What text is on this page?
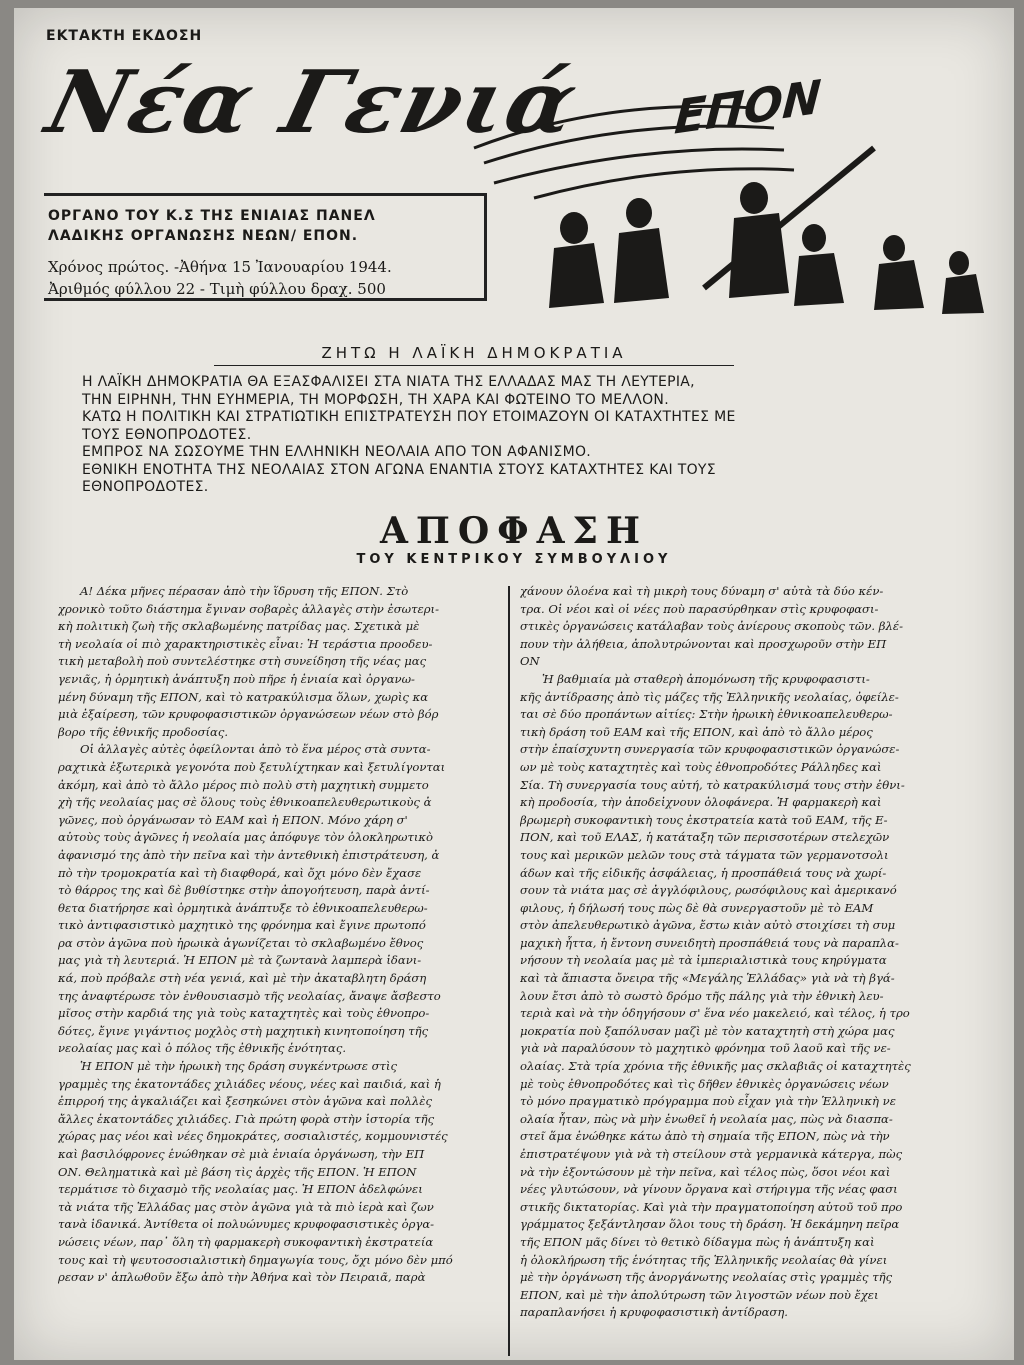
ΕΚΤΑΚΤΗ ΕΚΔΟΣΗ
Νέα Γενιά ΕΠΟΝ
ΟΡΓΑΝΟ ΤΟΥ Κ.Σ ΤΗΣ ΕΝΙΑΙΑΣ ΠΑΝΕΛ
ΛΑΔΙΚΗΣ ΟΡΓΑΝΩΣΗΣ ΝΕΩΝ/ ΕΠΟΝ.
Χρόνος πρώτος. -Ἀθήνα 15 Ἰανουαρίου 1944.
Ἀριθμός φύλλου 22 - Τιμὴ φύλλου δραχ. 500
ΖΗΤΩ Η ΛΑΪΚΗ ΔΗΜΟΚΡΑΤΙΑ
Η ΛΑΪΚΗ ΔΗΜΟΚΡΑΤΙΑ ΘΑ ΕΞΑΣΦΑΛΙΣΕΙ ΣΤΑ ΝΙΑΤΑ ΤΗΣ ΕΛΛΑΔΑΣ ΜΑΣ ΤΗ ΛΕΥΤΕΡΙΑ,
ΤΗΝ ΕΙΡΗΝΗ, ΤΗΝ ΕΥΗΜΕΡΙΑ, ΤΗ ΜΟΡΦΩΣΗ, ΤΗ ΧΑΡΑ ΚΑΙ ΦΩΤΕΙΝΟ ΤΟ ΜΕΛΛΟΝ.
ΚΑΤΩ Η ΠΟΛΙΤΙΚΗ ΚΑΙ ΣΤΡΑΤΙΩΤΙΚΗ ΕΠΙΣΤΡΑΤΕΥΣΗ ΠΟΥ ΕΤΟΙΜΑΖΟΥΝ ΟΙ ΚΑΤΑΧΤΗΤΕΣ ΜΕ
ΤΟΥΣ ΕΘΝΟΠΡΟΔΟΤΕΣ.
ΕΜΠΡΟΣ ΝΑ ΣΩΣΟΥΜΕ ΤΗΝ ΕΛΛΗΝΙΚΗ ΝΕΟΛΑΙΑ ΑΠΟ ΤΟΝ ΑΦΑΝΙΣΜΟ.
ΕΘΝΙΚΗ ΕΝΟΤΗΤΑ ΤΗΣ ΝΕΟΛΑΙΑΣ ΣΤΟΝ ΑΓΩΝΑ ΕΝΑΝΤΙΑ ΣΤΟΥΣ ΚΑΤΑΧΤΗΤΕΣ ΚΑΙ ΤΟΥΣ
ΕΘΝΟΠΡΟΔΟΤΕΣ.
ΑΠΟΦΑΣΗ
ΤΟΥ ΚΕΝΤΡΙΚΟΥ ΣΥΜΒΟΥΛΙΟΥ
Α! Δέκα μῆνες πέρασαν ἀπὸ τὴν ἵδρυση τῆς ΕΠΟΝ. Στὸ
χρονικὸ τοῦτο διάστημα ἔγιναν σοβαρὲς ἀλλαγὲς στὴν ἐσωτερι-
κὴ πολιτικὴ ζωὴ τῆς σκλαβωμένης πατρίδας μας. Σχετικὰ μὲ
τὴ νεολαία οἱ πιὸ χαρακτηριστικὲς εἶναι: Ἡ τεράστια προοδευ-
τικὴ μεταβολὴ ποὺ συντελέστηκε στὴ συνείδηση τῆς νέας μας
γενιᾶς, ἡ ὁρμητικὴ ἀνάπτυξη ποὺ πῆρε ἡ ἑνιαία καὶ ὀργανω-
μένη δύναμη τῆς ΕΠΟΝ, καὶ τὸ κατρακύλισμα ὅλων, χωρὶς κα
μιὰ ἐξαίρεση, τῶν κρυφοφασιστικῶν ὀργανώσεων νέων στὸ βόρ
βορο τῆς ἐθνικῆς προδοσίας.
Οἱ ἀλλαγὲς αὐτὲς ὀφείλονται ἀπὸ τὸ ἕνα μέρος στὰ συντα-
ραχτικὰ ἐξωτερικὰ γεγονότα ποὺ ξετυλίχτηκαν καὶ ξετυλίγονται
ἀκόμη, καὶ ἀπὸ τὸ ἄλλο μέρος πιὸ πολὺ στὴ μαχητικὴ συμμετο
χὴ τῆς νεολαίας μας σὲ ὅλους τοὺς ἐθνικοαπελευθερωτικοὺς ἀ
γῶνες, ποὺ ὀργάνωσαν τὸ ΕΑΜ καὶ ἡ ΕΠΟΝ. Μόνο χάρη σ'
αὐτοὺς τοὺς ἀγῶνες ἡ νεολαία μας ἀπόφυγε τὸν ὁλοκληρωτικὸ
ἀφανισμό της ἀπὸ τὴν πεῖνα καὶ τὴν ἀντεθνικὴ ἐπιστράτευση, ἀ
πὸ τὴν τρομοκρατία καὶ τὴ διαφθορά, καὶ ὄχι μόνο δὲν ἔχασε
τὸ θάρρος της καὶ δὲ βυθίστηκε στὴν ἀπογοήτευση, παρὰ ἀντί-
θετα διατήρησε καὶ ὁρμητικὰ ἀνάπτυξε τὸ ἐθνικοαπελευθερω-
τικὸ ἀντιφασιστικὸ μαχητικὸ της φρόνημα καὶ ἔγινε πρωτοπό
ρα στὸν ἀγῶνα ποὺ ἡρωικὰ ἀγωνίζεται τὸ σκλαβωμένο ἔθνος
μας γιὰ τὴ λευτεριά. Ἡ ΕΠΟΝ μὲ τὰ ζωντανὰ λαμπερὰ ἰδανι-
κά, ποὺ πρόβαλε στὴ νέα γενιά, καὶ μὲ τὴν ἀκαταβλητη δράση
της ἀναφτέρωσε τὸν ἐνθουσιασμὸ τῆς νεολαίας, ἄναψε ἄσβεστο
μῖσος στὴν καρδιά της γιὰ τοὺς καταχτητὲς καὶ τοὺς ἐθνοπρο-
δότες, ἔγινε γιγάντιος μοχλὸς στὴ μαχητικὴ κινητοποίηση τῆς
νεολαίας μας καὶ ὁ πόλος τῆς ἐθνικῆς ἑνότητας.
Ἡ ΕΠΟΝ μὲ τὴν ἡρωικὴ της δράση συγκέντρωσε στὶς
γραμμὲς της ἑκατοντάδες χιλιάδες νέους, νέες καὶ παιδιά, καὶ ἡ
ἐπιρροή της ἀγκαλιάζει καὶ ξεσηκώνει στὸν ἀγῶνα καὶ πολλὲς
ἄλλες ἑκατοντάδες χιλιάδες. Γιὰ πρώτη φορὰ στὴν ἱστορία τῆς
χώρας μας νέοι καὶ νέες δημοκράτες, σοσιαλιστές, κομμουνιστές
καὶ βασιλόφρονες ἑνώθηκαν σὲ μιὰ ἑνιαία ὀργάνωση, τὴν ΕΠ
ΟΝ. Θεληματικὰ καὶ μὲ βάση τὶς ἀρχὲς τῆς ΕΠΟΝ. Ἡ ΕΠΟΝ
τερμάτισε τὸ διχασμὸ τῆς νεολαίας μας. Ἡ ΕΠΟΝ ἀδελφώνει
τὰ νιάτα τῆς Ἑλλάδας μας στὸν ἀγῶνα γιὰ τὰ πιὸ ἱερὰ καὶ ζων
τανὰ ἰδανικά. Ἀντίθετα οἱ πολυώνυμες κρυφοφασιστικὲς ὀργα-
νώσεις νέων, παρ᾿ ὅλη τὴ φαρμακερὴ συκοφαντικὴ ἐκστρατεία
τους καὶ τὴ ψευτοσοσιαλιστικὴ δημαγωγία τους, ὄχι μόνο δὲν μπό
ρεσαν ν' ἁπλωθοῦν ἔξω ἀπὸ τὴν Ἀθήνα καὶ τὸν Πειραιᾶ, παρὰ
χάνουν ὁλοένα καὶ τὴ μικρὴ τους δύναμη σ' αὐτὰ τὰ δύο κέν-
τρα. Οἱ νέοι καὶ οἱ νέες ποὺ παρασύρθηκαν στὶς κρυφοφασι-
στικὲς ὀργανώσεις κατάλαβαν τοὺς ἀνίερους σκοποὺς τῶν. βλέ-
πουν τὴν ἀλήθεια, ἀπολυτρώνονται καὶ προσχωροῦν στὴν ΕΠ
ΟΝ
Ἡ βαθμιαία μὰ σταθερὴ ἀπομόνωση τῆς κρυφοφασιστι-
κῆς ἀντίδρασης ἀπὸ τὶς μάζες τῆς Ἑλληνικῆς νεολαίας, ὀφείλε-
ται σὲ δύο προπάντων αἰτίες: Στὴν ἡρωικὴ ἐθνικοαπελευθερω-
τικὴ δράση τοῦ ΕΑΜ καὶ τῆς ΕΠΟΝ, καὶ ἀπὸ τὸ ἄλλο μέρος
στὴν ἐπαίσχυντη συνεργασία τῶν κρυφοφασιστικῶν ὀργανώσε-
ων μὲ τοὺς καταχτητὲς καὶ τοὺς ἐθνοπροδότες Ράλληδες καὶ
Σία. Τὴ συνεργασία τους αὐτή, τὸ κατρακύλισμά τους στὴν ἐθνι-
κὴ προδοσία, τὴν ἀποδεἰχνουν ὁλοφάνερα. Ἡ φαρμακερὴ καὶ
βρωμερὴ συκοφαντικὴ τους ἐκστρατεία κατὰ τοῦ ΕΑΜ, τῆς Ε-
ΠΟΝ, καὶ τοῦ ΕΛΑΣ, ἡ κατάταξη τῶν περισσοτέρων στελεχῶν
τους καὶ μερικῶν μελῶν τους στὰ τάγματα τῶν γερμανοτσολι
άδων καὶ τῆς εἰδικῆς ἀσφάλειας, ἡ προσπάθειά τους νὰ χωρί-
σουν τὰ νιάτα μας σὲ ἀγγλόφιλους, ρωσόφιλους καὶ ἀμερικανό
φιλους, ἡ δήλωσή τους πὼς δὲ θὰ συνεργαστοῦν μὲ τὸ ΕΑΜ
στὸν ἀπελευθερωτικὸ ἀγῶνα, ἔστω κιὰν αὐτὸ στοιχίσει τὴ συμ
μαχικὴ ἧττα, ἡ ἔντονη συνειδητὴ προσπάθειά τους νὰ παραπλα-
νήσουν τὴ νεολαία μας μὲ τὰ ἰμπεριαλιστικὰ τους κηρύγματα
καὶ τὰ ἄπιαστα ὄνειρα τῆς «Μεγάλης Ἑλλάδας» γιὰ νὰ τὴ βγά-
λουν ἔτσι ἀπὸ τὸ σωστὸ δρόμο τῆς πάλης γιὰ τὴν ἐθνικὴ λευ-
τεριὰ καὶ νὰ τὴν ὁδηγήσουν σ' ἕνα νέο μακελειό, καὶ τέλος, ἡ τρο
μοκρατία ποὺ ξαπόλυσαν μαζὶ μὲ τὸν καταχτητὴ στὴ χώρα μας
γιὰ νὰ παραλύσουν τὸ μαχητικὸ φρόνημα τοῦ λαοῦ καὶ τῆς νε-
ολαίας. Στὰ τρία χρόνια τῆς ἐθνικῆς μας σκλαβιᾶς οἱ καταχτητὲς
μὲ τοὺς ἐθνοπροδότες καὶ τὶς δῆθεν ἐθνικὲς ὀργανώσεις νέων
τὸ μόνο πραγματικὸ πρόγραμμα ποὺ εἶχαν γιὰ τὴν Ἑλληνικὴ νε
ολαία ἦταν, πὼς νὰ μὴν ἑνωθεῖ ἡ νεολαία μας, πὼς νὰ διασπα-
στεῖ ἅμα ἑνώθηκε κάτω ἀπὸ τὴ σημαία τῆς ΕΠΟΝ, πὼς νὰ τὴν
ἐπιστρατέψουν γιὰ νὰ τὴ στείλουν στὰ γερμανικὰ κάτεργα, πὼς
νὰ τὴν ἐξοντώσουν μὲ τὴν πεῖνα, καὶ τέλος πὼς, ὅσοι νέοι καὶ
νέες γλυτώσουν, νὰ γίνουν ὄργανα καὶ στήριγμα τῆς νέας φασι
στικῆς δικτατορίας. Καὶ γιὰ τὴν πραγματοποίηση αὐτοῦ τοῦ προ
γράμματος ξεξάντλησαν ὅλοι τους τὴ δράση. Ἡ δεκάμηνη πεῖρα
τῆς ΕΠΟΝ μᾶς δίνει τὸ θετικὸ δίδαγμα πὼς ἡ ἀνάπτυξη καὶ
ἡ ὁλοκλήρωση τῆς ἑνότητας τῆς Ἑλληνικῆς νεολαίας θὰ γίνει
μὲ τὴν ὀργάνωση τῆς ἀνοργάνωτης νεολαίας στὶς γραμμὲς τῆς
ΕΠΟΝ, καὶ μὲ τὴν ἀπολύτρωση τῶν λιγοστῶν νέων ποὺ ἔχει
παραπλανήσει ἡ κρυφοφασιστικὴ ἀντίδραση.
